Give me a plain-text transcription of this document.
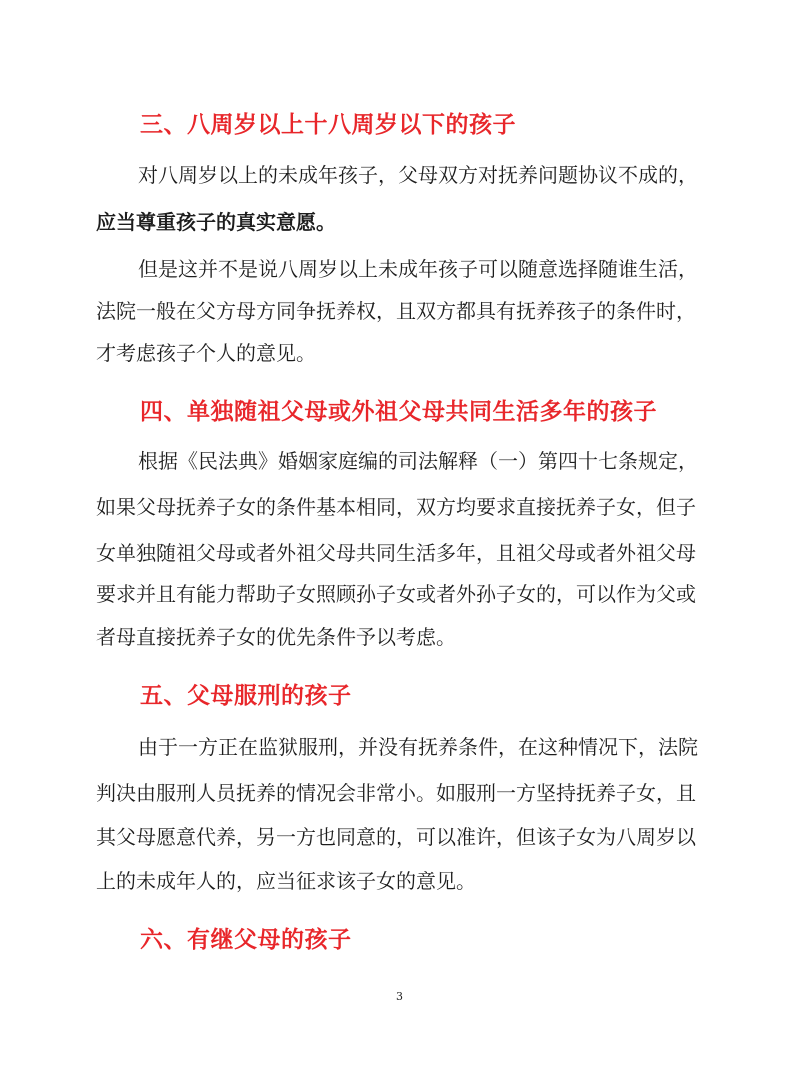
三、八周岁以上十八周岁以下的孩子
对八周岁以上的未成年孩子，父母双方对抚养问题协议不成的，
应当尊重孩子的真实意愿。
但是这并不是说八周岁以上未成年孩子可以随意选择随谁生活，
法院一般在父方母方同争抚养权，且双方都具有抚养孩子的条件时，
才考虑孩子个人的意见。
四、单独随祖父母或外祖父母共同生活多年的孩子
根据《民法典》婚姻家庭编的司法解释（一）第四十七条规定，
如果父母抚养子女的条件基本相同，双方均要求直接抚养子女，但子
女单独随祖父母或者外祖父母共同生活多年，且祖父母或者外祖父母
要求并且有能力帮助子女照顾孙子女或者外孙子女的，可以作为父或
者母直接抚养子女的优先条件予以考虑。
五、父母服刑的孩子
由于一方正在监狱服刑，并没有抚养条件，在这种情况下，法院
判决由服刑人员抚养的情况会非常小。如服刑一方坚持抚养子女，且
其父母愿意代养，另一方也同意的，可以准许，但该子女为八周岁以
上的未成年人的，应当征求该子女的意见。
六、有继父母的孩子
3
